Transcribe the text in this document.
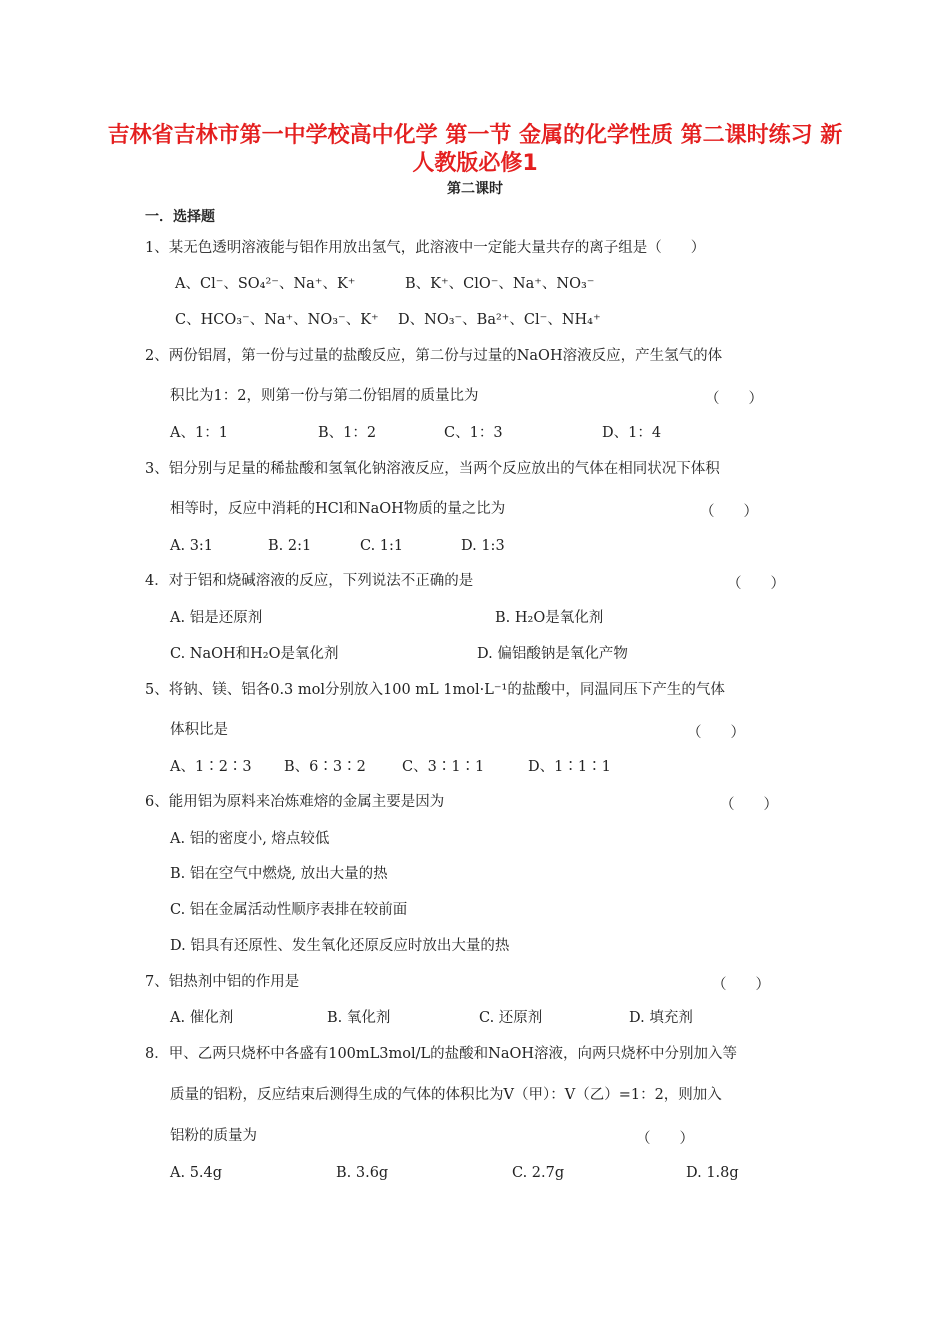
吉林省吉林市第一中学校高中化学 第一节 金属的化学性质 第二课时练习 新人教版必修1
第二课时
一．选择题
1、某无色透明溶液能与铝作用放出氢气，此溶液中一定能大量共存的离子组是（　　）
A、Cl⁻、SO₄²⁻、Na⁺、K⁺	B、K⁺、ClO⁻、Na⁺、NO₃⁻
C、HCO₃⁻、Na⁺、NO₃⁻、K⁺ D、NO₃⁻、Ba²⁺、Cl⁻、NH₄⁺
2、两份铝屑，第一份与过量的盐酸反应，第二份与过量的NaOH溶液反应，产生氢气的体
积比为1：2，则第一份与第二份铝屑的质量比为	（　　）
A、1：1	B、1：2	C、1：3	D、1：4
3、铝分别与足量的稀盐酸和氢氧化钠溶液反应，当两个反应放出的气体在相同状况下体积
相等时，反应中消耗的HCl和NaOH物质的量之比为	（　　）
A. 3:1	B. 2:1	C. 1:1	D. 1:3
4．对于铝和烧碱溶液的反应，下列说法不正确的是	（　　）
A. 铝是还原剂	B. H₂O是氧化剂
C. NaOH和H₂O是氧化剂	D. 偏铝酸钠是氧化产物
5、将钠、镁、铝各0.3 mol分别放入100 mL 1mol·L⁻¹的盐酸中，同温同压下产生的气体
体积比是	（　　）
A、1∶2∶3 B、6∶3∶2 C、3∶1∶1	D、1∶1∶1
6、能用铝为原料来冶炼难熔的金属主要是因为	（　　）
A. 铝的密度小, 熔点较低
B. 铝在空气中燃烧, 放出大量的热
C. 铝在金属活动性顺序表排在较前面
D. 铝具有还原性、发生氧化还原反应时放出大量的热
7、铝热剂中铝的作用是	（　　）
A. 催化剂	B. 氧化剂	C. 还原剂	D. 填充剂
8．甲、乙两只烧杯中各盛有100mL3mol/L的盐酸和NaOH溶液，向两只烧杯中分别加入等
质量的铝粉，反应结束后测得生成的气体的体积比为V（甲）：V（乙）=1：2，则加入
铝粉的质量为	（　　）
A. 5.4g	B. 3.6g	C. 2.7g	D. 1.8g
